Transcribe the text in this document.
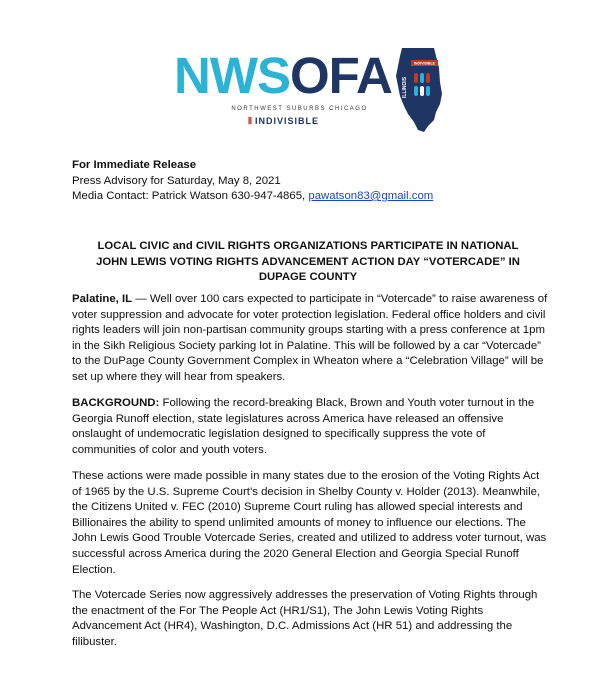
NWSOFA
NORTHWEST SUBURBS CHICAGO
⦀ INDIVISIBLE
INDIVISIBLE
ILLINOIS
For Immediate Release
Press Advisory for Saturday, May 8, 2021
Media Contact: Patrick Watson 630-947-4865, pawatson83@gmail.com
LOCAL CIVIC and CIVIL RIGHTS ORGANIZATIONS PARTICIPATE IN NATIONAL JOHN LEWIS VOTING RIGHTS ADVANCEMENT ACTION DAY “VOTERCADE” IN DUPAGE COUNTY

Palatine, IL — Well over 100 cars expected to participate in “Votercade” to raise awareness of voter suppression and advocate for voter protection legislation. Federal office holders and civil rights leaders will join non-partisan community groups starting with a press conference at 1pm in the Sikh Religious Society parking lot in Palatine. This will be followed by a car “Votercade” to the DuPage County Government Complex in Wheaton where a “Celebration Village” will be set up where they will hear from speakers.

BACKGROUND: Following the record-breaking Black, Brown and Youth voter turnout in the Georgia Runoff election, state legislatures across America have released an offensive onslaught of undemocratic legislation designed to specifically suppress the vote of communities of color and youth voters.

These actions were made possible in many states due to the erosion of the Voting Rights Act of 1965 by the U.S. Supreme Court’s decision in Shelby County v. Holder (2013). Meanwhile, the Citizens United v. FEC (2010) Supreme Court ruling has allowed special interests and Billionaires the ability to spend unlimited amounts of money to influence our elections. The John Lewis Good Trouble Votercade Series, created and utilized to address voter turnout, was successful across America during the 2020 General Election and Georgia Special Runoff Election.

The Votercade Series now aggressively addresses the preservation of Voting Rights through the enactment of the For The People Act (HR1/S1), The John Lewis Voting Rights Advancement Act (HR4), Washington, D.C. Admissions Act (HR 51) and addressing the filibuster.
